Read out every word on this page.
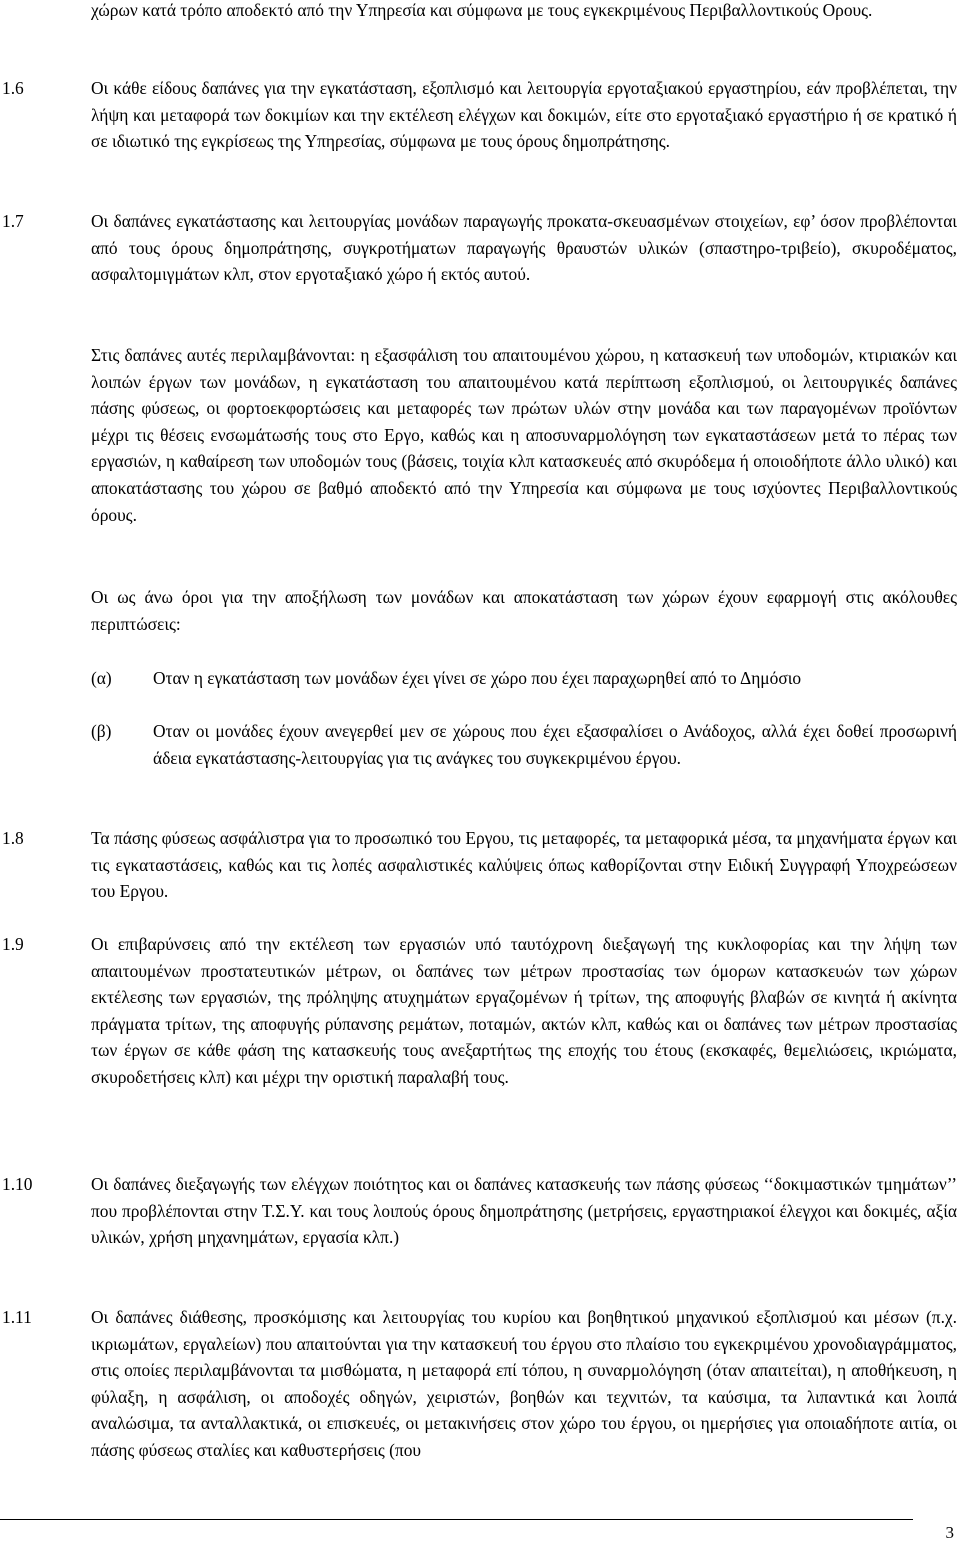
χώρων κατά τρόπο αποδεκτό από την Υπηρεσία και σύμφωνα με τους εγκεκριμένους Περιβαλλοντικούς Ορους.
1.6	Οι κάθε είδους δαπάνες για την εγκατάσταση, εξοπλισμό και λειτουργία εργοταξιακού εργαστηρίου, εάν προβλέπεται, την λήψη και μεταφορά των δοκιμίων και την εκτέλεση ελέγχων και δοκιμών, είτε στο εργοταξιακό εργαστήριο ή σε κρατικό ή σε ιδιωτικό της εγκρίσεως της Υπηρεσίας, σύμφωνα με τους όρους δημοπράτησης.
1.7	Οι δαπάνες εγκατάστασης και λειτουργίας μονάδων παραγωγής προκατα-σκευασμένων στοιχείων, εφ’ όσον προβλέπονται από τους όρους δημοπράτησης, συγκροτήματων παραγωγής θραυστών υλικών (σπαστηρο-τριβείο), σκυροδέματος, ασφαλτομιγμάτων κλπ, στον εργοταξιακό χώρο ή εκτός αυτού.
Στις δαπάνες αυτές περιλαμβάνονται: η εξασφάλιση του απαιτουμένου χώρου, η κατασκευή των υποδομών, κτιριακών και λοιπών έργων των μονάδων, η εγκατάσταση του απαιτουμένου κατά περίπτωση εξοπλισμού, οι λειτουργικές δαπάνες πάσης φύσεως, οι φορτοεκφορτώσεις και μεταφορές των πρώτων υλών στην μονάδα και των παραγομένων προϊόντων μέχρι τις θέσεις ενσωμάτωσής τους στο Εργο, καθώς και η αποσυναρμολόγηση των εγκαταστάσεων μετά το πέρας των εργασιών, η καθαίρεση των υποδομών τους (βάσεις, τοιχία κλπ κατασκευές από σκυρόδεμα ή οποιοδήποτε άλλο υλικό) και αποκατάστασης του χώρου σε βαθμό αποδεκτό από την Υπηρεσία και σύμφωνα με τους ισχύοντες Περιβαλλοντικούς όρους.
Οι ως άνω όροι για την αποξήλωση των μονάδων και αποκατάσταση των χώρων έχουν εφαρμογή στις ακόλουθες περιπτώσεις:
(α) Οταν η εγκατάσταση των μονάδων έχει γίνει σε χώρο που έχει παραχωρηθεί από το Δημόσιο
(β) Οταν οι μονάδες έχουν ανεγερθεί μεν σε χώρους που έχει εξασφαλίσει ο Ανάδοχος, αλλά έχει δοθεί προσωρινή άδεια εγκατάστασης-λειτουργίας για τις ανάγκες του συγκεκριμένου έργου.
1.8	Τα πάσης φύσεως ασφάλιστρα για το προσωπικό του Εργου, τις μεταφορές, τα μεταφορικά μέσα, τα μηχανήματα έργων και τις εγκαταστάσεις, καθώς και τις λοπές ασφαλιστικές καλύψεις όπως καθορίζονται στην Ειδική Συγγραφή Υποχρεώσεων του Εργου.
1.9	Οι επιβαρύνσεις από την εκτέλεση των εργασιών υπό ταυτόχρονη διεξαγωγή της κυκλοφορίας και την λήψη των απαιτουμένων προστατευτικών μέτρων, οι δαπάνες των μέτρων προστασίας των όμορων κατασκευών των χώρων εκτέλεσης των εργασιών, της πρόληψης ατυχημάτων εργαζομένων ή τρίτων, της αποφυγής βλαβών σε κινητά ή ακίνητα πράγματα τρίτων, της αποφυγής ρύπανσης ρεμάτων, ποταμών, ακτών κλπ, καθώς και οι δαπάνες των μέτρων προστασίας των έργων σε κάθε φάση της κατασκευής τους ανεξαρτήτως της εποχής του έτους (εκσκαφές, θεμελιώσεις, ικριώματα, σκυροδετήσεις κλπ) και μέχρι την οριστική παραλαβή τους.
1.10	Οι δαπάνες διεξαγωγής των ελέγχων ποιότητος και οι δαπάνες κατασκευής των πάσης φύσεως ‘‘δοκιμαστικών τμημάτων’’ που προβλέπονται στην Τ.Σ.Υ. και τους λοιπούς όρους δημοπράτησης (μετρήσεις, εργαστηριακοί έλεγχοι και δοκιμές, αξία υλικών, χρήση μηχανημάτων, εργασία κλπ.)
1.11	Οι δαπάνες διάθεσης, προσκόμισης και λειτουργίας του κυρίου και βοηθητικού μηχανικού εξοπλισμού και μέσων (π.χ. ικριωμάτων, εργαλείων) που απαιτούνται για την κατασκευή του έργου στο πλαίσιο του εγκεκριμένου χρονοδιαγράμματος, στις οποίες περιλαμβάνονται τα μισθώματα, η μεταφορά επί τόπου, η συναρμολόγηση (όταν απαιτείται), η αποθήκευση, η φύλαξη, η ασφάλιση, οι αποδοχές οδηγών, χειριστών, βοηθών και τεχνιτών, τα καύσιμα, τα λιπαντικά και λοιπά αναλώσιμα, τα ανταλλακτικά, οι επισκευές, οι μετακινήσεις στον χώρο του έργου, οι ημερήσιες για οποιαδήποτε αιτία, οι πάσης φύσεως σταλίες και καθυστερήσεις (που
3
